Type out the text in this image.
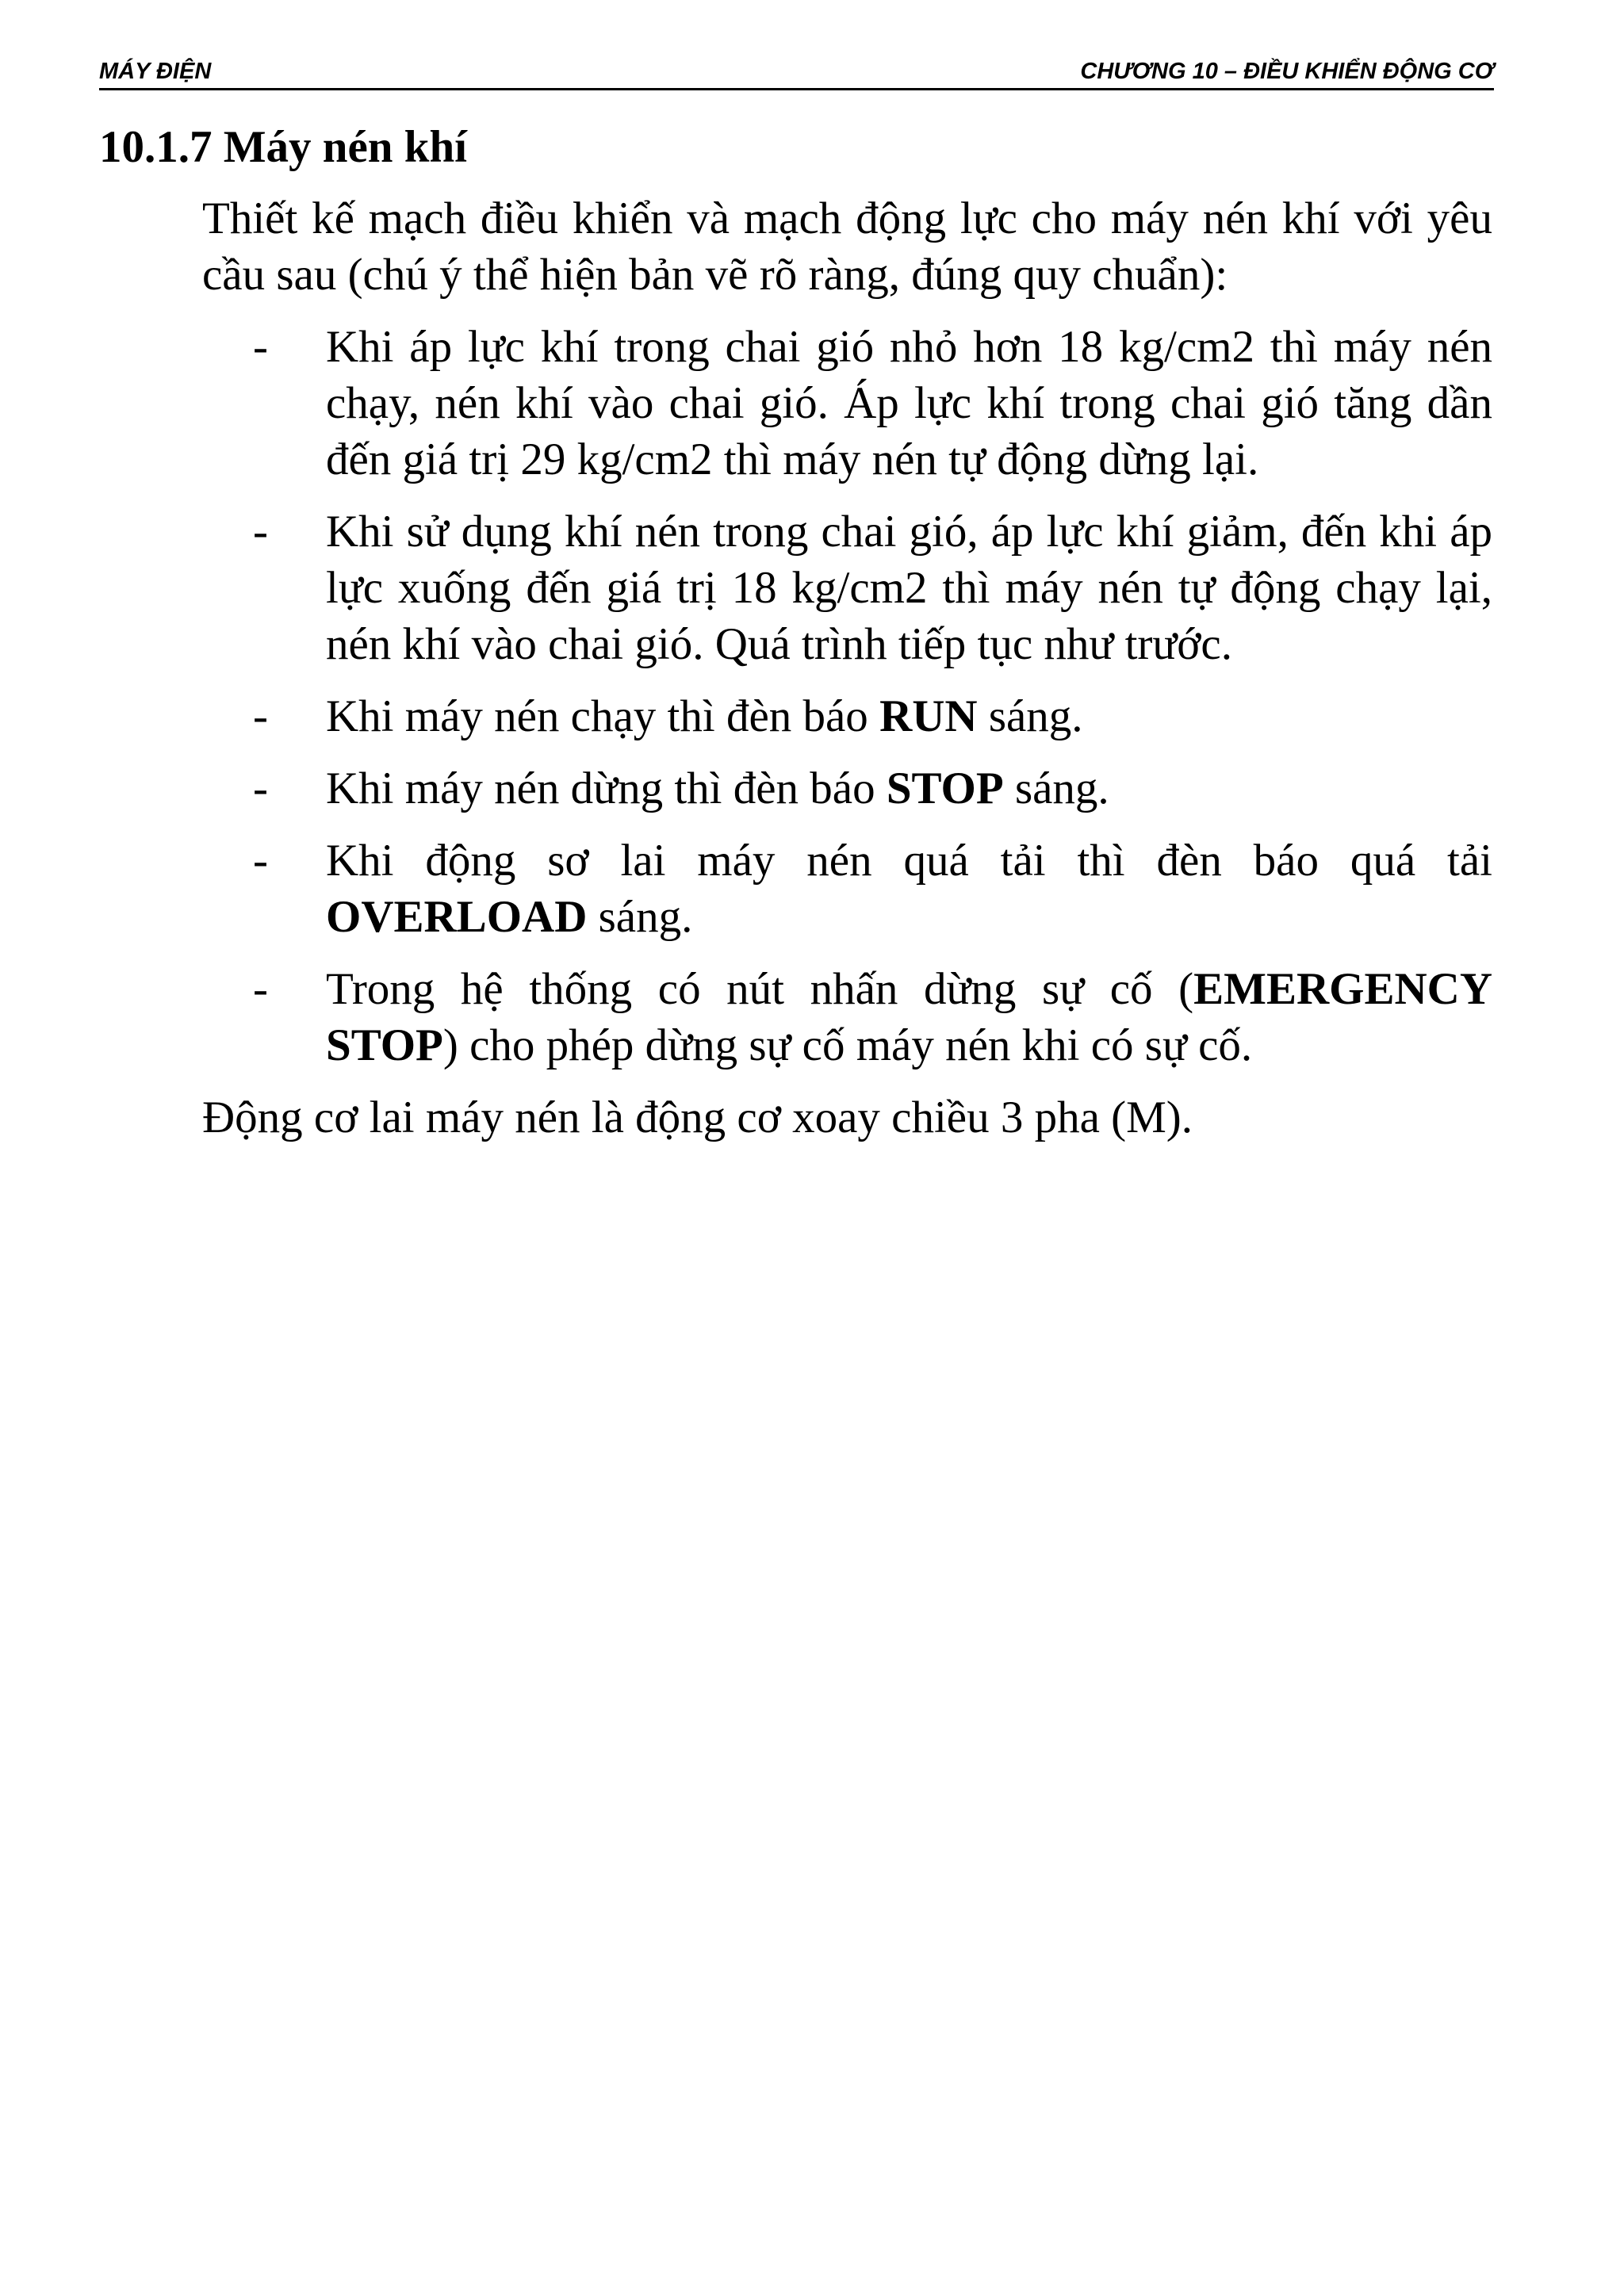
MÁY ĐIỆN	CHƯƠNG 10 – ĐIỀU KHIỂN ĐỘNG CƠ
10.1.7 Máy nén khí

Thiết kế mạch điều khiển và mạch động lực cho máy nén khí với yêu cầu sau (chú ý thể hiện bản vẽ rõ ràng, đúng quy chuẩn):

-	Khi áp lực khí trong chai gió nhỏ hơn 18 kg/cm2 thì máy nén chạy, nén khí vào chai gió. Áp lực khí trong chai gió tăng dần đến giá trị 29 kg/cm2 thì máy nén tự động dừng lại.
-	Khi sử dụng khí nén trong chai gió, áp lực khí giảm, đến khi áp lực xuống đến giá trị 18 kg/cm2 thì máy nén tự động chạy lại, nén khí vào chai gió. Quá trình tiếp tục như trước.
-	Khi máy nén chạy thì đèn báo RUN sáng.
-	Khi máy nén dừng thì đèn báo STOP sáng.
-	Khi động sơ lai máy nén quá tải thì đèn báo quá tải OVERLOAD sáng.
-	Trong hệ thống có nút nhấn dừng sự cố (EMERGENCY STOP) cho phép dừng sự cố máy nén khi có sự cố.

Động cơ lai máy nén là động cơ xoay chiều 3 pha (M).
